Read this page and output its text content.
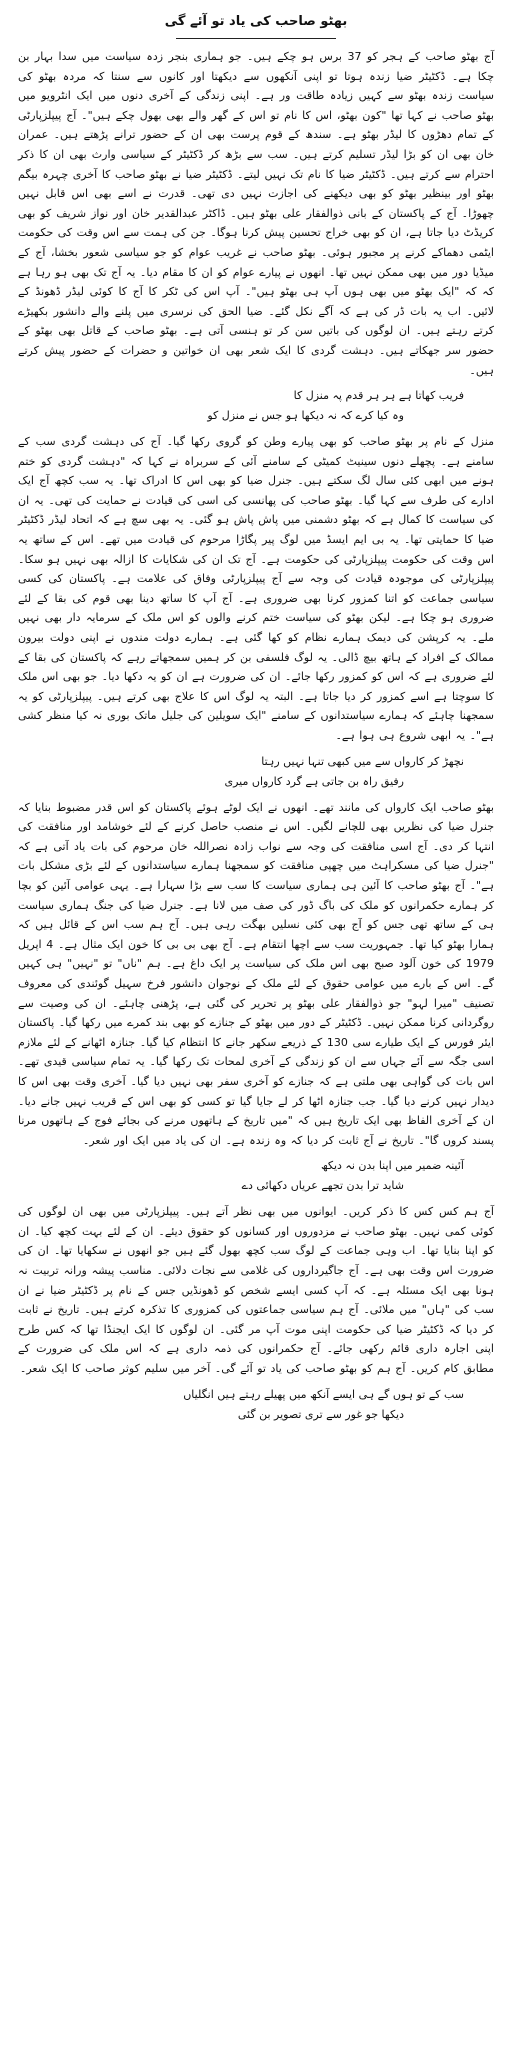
بھٹو صاحب کی یاد تو آئے گی

آج بھٹو صاحب کے ہجر کو 37 برس ہو چکے ہیں۔ جو ہماری بنجر زدہ سیاست میں سدا بہار بن چکا ہے۔ ڈکٹیٹر ضیا زندہ ہوتا تو اپنی آنکھوں سے دیکھتا اور کانوں سے سنتا کہ مردہ بھٹو کی سیاست زندہ بھٹو سے کہیں زیادہ طاقت ور ہے۔ اپنی زندگی کے آخری دنوں میں ایک انٹرویو میں بھٹو صاحب نے کہا تھا "کون بھٹو، اس کا نام تو اس کے گھر والے بھی بھول چکے ہیں"۔ آج پیپلزپارٹی کے تمام دھڑوں کا لیڈر بھٹو ہے۔ سندھ کے قوم پرست بھی ان کے حضور ترانے پڑھتے ہیں۔ عمران خان بھی ان کو بڑا لیڈر تسلیم کرتے ہیں۔ سب سے بڑھ کر ڈکٹیٹر کے سیاسی وارث بھی ان کا ذکر احترام سے کرتے ہیں۔ ڈکٹیٹر ضیا کا نام تک نہیں لیتے۔ ڈکٹیٹر ضیا نے بھٹو صاحب کا آخری چہرہ بیگم بھٹو اور بینظیر بھٹو کو بھی دیکھنے کی اجازت نہیں دی تھی۔ قدرت نے اسے بھی اس قابل نہیں چھوڑا۔ آج کے پاکستان کے بانی ذوالفقار علی بھٹو ہیں۔ ڈاکٹر عبدالقدیر خان اور نواز شریف کو بھی کریڈٹ دیا جاتا ہے، ان کو بھی خراج تحسین پیش کرنا ہوگا۔ جن کی ہمت سے اس وقت کی حکومت ایٹمی دھماکے کرنے پر مجبور ہوئی۔ بھٹو صاحب نے غریب عوام کو جو سیاسی شعور بخشا، آج کے میڈیا دور میں بھی ممکن نہیں تھا۔ انھوں نے پیارے عوام کو ان کا مقام دیا۔ یہ آج تک بھی ہو رہا ہے کہ کہ "ایک بھٹو میں بھی ہوں آپ ہی بھٹو ہیں"۔ آپ اس کی ٹکر کا آج کا کوئی لیڈر ڈھونڈ کے لائیں۔ اب یہ بات ڈر کی ہے کہ آگے نکل گئے۔ ضیا الحق کی نرسری میں پلنے والے دانشور بکھیڑے کرتے رہتے ہیں۔ ان لوگوں کی باتیں سن کر تو ہنسی آتی ہے۔ بھٹو صاحب کے قاتل بھی بھٹو کے حضور سر جھکاتے ہیں۔ دہشت گردی کا ایک شعر بھی ان خواتین و حضرات کے حضور پیش کرتے ہیں۔

فریب کھاتا ہے ہر ہر قدم پہ منزل کا
وہ کیا کرے کہ نہ دیکھا ہو جس نے منزل کو

منزل کے نام پر بھٹو صاحب کو بھی پیارے وطن کو گروی رکھا گیا۔ آج کی دہشت گردی سب کے سامنے ہے۔ پچھلے دنوں سینیٹ کمیٹی کے سامنے آئی کے سربراہ نے کہا کہ "دہشت گردی کو ختم ہونے میں ابھی کئی سال لگ سکتے ہیں۔ جنرل ضیا کو بھی اس کا ادراک تھا۔ یہ سب کچھ آج ایک ادارے کی طرف سے کہا گیا۔ بھٹو صاحب کی پھانسی کی اسی کی قیادت نے حمایت کی تھی۔ یہ ان کی سیاست کا کمال ہے کہ بھٹو دشمنی میں پاش پاش ہو گئی۔ یہ بھی سچ ہے کہ اتحاد لیڈر ڈکٹیٹر ضیا کا حمایتی تھا۔ یہ بی ایم ایسڈ میں لوگ پیر پگاڑا مرحوم کی قیادت میں تھے۔ اس کے ساتھ یہ اس وقت کی حکومت پیپلزپارٹی کی حکومت ہے۔ آج تک ان کی شکایات کا ازالہ بھی نہیں ہو سکا۔ پیپلزپارٹی کی موجودہ قیادت کی وجہ سے آج پیپلزپارٹی وفاق کی علامت ہے۔ پاکستان کی کسی سیاسی جماعت کو اتنا کمزور کرنا بھی ضروری ہے۔ آج آپ کا ساتھ دینا بھی قوم کی بقا کے لئے ضروری ہو چکا ہے۔ لیکن بھٹو کی سیاست ختم کرنے والوں کو اس ملک کے سرمایہ دار بھی نہیں ملے۔ یہ کرپشن کی دیمک ہمارے نظام کو کھا گئی ہے۔ ہمارے دولت مندوں نے اپنی دولت بیرون ممالک کے افراد کے ہاتھ بیچ ڈالی۔ یہ لوگ فلسفی بن کر ہمیں سمجھاتے رہے کہ پاکستان کی بقا کے لئے ضروری ہے کہ اس کو کمزور رکھا جائے۔ ان کی ضرورت ہے ان کو یہ دکھا دیا۔ جو بھی اس ملک کا سوچتا ہے اسے کمزور کر دیا جاتا ہے۔ البتہ یہ لوگ اس کا علاج بھی کرتے ہیں۔ پیپلزپارٹی کو یہ سمجھنا چاہئے کہ ہمارے سیاستدانوں کے سامنے "ایک سویلین کی جلیل ماتک بوری نہ کیا منظر کشی ہے"۔ یہ ابھی شروع ہی ہوا ہے۔

نچھڑ کر کارواں سے میں کبھی تنہا نہیں رہتا
رفیق راہ بن جاتی ہے گرد کارواں میری

بھٹو صاحب ایک کارواں کی مانند تھے۔ انھوں نے ایک لوٹے ہوئے پاکستان کو اس قدر مضبوط بنایا کہ جنرل ضیا کی نظریں بھی للچانے لگیں۔ اس نے منصب حاصل کرنے کے لئے خوشامد اور منافقت کی انتہا کر دی۔ آج اسی منافقت کی وجہ سے نواب زادہ نصراللہ خان مرحوم کی بات یاد آتی ہے کہ "جنرل ضیا کی مسکراہٹ میں چھپی منافقت کو سمجھنا ہمارے سیاستدانوں کے لئے بڑی مشکل بات ہے"۔ آج بھٹو صاحب کا آئین ہی ہماری سیاست کا سب سے بڑا سہارا ہے۔ یہی عوامی آئین کو بچا کر ہمارے حکمرانوں کو ملک کی باگ ڈور کی صف میں لانا ہے۔ جنرل ضیا کی جنگ ہماری سیاست ہی کے ساتھ تھی جس کو آج بھی کئی نسلیں بھگت رہی ہیں۔ آج ہم سب اس کے قائل ہیں کہ ہمارا بھٹو کیا تھا۔ جمہوریت سب سے اچھا انتقام ہے۔ آج بھی بی بی کا خون ایک مثال ہے۔ 4 اپریل 1979 کی خون آلود صبح بھی اس ملک کی سیاست پر ایک داغ ہے۔ ہم "ناں" تو "نہیں" ہی کہیں گے۔ اس کے بارے میں عوامی حقوق کے لئے ملک کے نوجوان دانشور فرخ سہیل گوئندی کی معروف تصنیف "میرا لہو" جو ذوالفقار علی بھٹو پر تحریر کی گئی ہے، پڑھنی چاہئے۔ ان کی وصیت سے روگردانی کرنا ممکن نہیں۔ ڈکٹیٹر کے دور میں بھٹو کے جنازے کو بھی بند کمرے میں رکھا گیا۔ پاکستان ایئر فورس کے ایک طیارے سی 130 کے ذریعے سکھر جانے کا انتظام کیا گیا۔ جنازہ اٹھانے کے لئے ملازم اسی جگہ سے آئے جہاں سے ان کو زندگی کے آخری لمحات تک رکھا گیا۔ یہ تمام سیاسی قیدی تھے۔ اس بات کی گواہی بھی ملتی ہے کہ جنازے کو آخری سفر بھی نہیں دیا گیا۔ آخری وقت بھی اس کا دیدار نہیں کرنے دیا گیا۔ جب جنازہ اٹھا کر لے جایا گیا تو کسی کو بھی اس کے قریب نہیں جانے دیا۔ ان کے آخری الفاظ بھی ایک تاریخ ہیں کہ "میں تاریخ کے ہاتھوں مرنے کی بجائے فوج کے ہاتھوں مرنا پسند کروں گا"۔ تاریخ نے آج ثابت کر دیا کہ وہ زندہ ہے۔ ان کی یاد میں ایک اور شعر۔

آئینہ ضمیر میں اپنا بدن نہ دیکھ
شاید ترا بدن تجھے عریاں دکھائی دے

آج ہم کس کس کا ذکر کریں۔ ایوانوں میں بھی نظر آتے ہیں۔ پیپلزپارٹی میں بھی ان لوگوں کی کوئی کمی نہیں۔ بھٹو صاحب نے مزدوروں اور کسانوں کو حقوق دیئے۔ ان کے لئے بہت کچھ کیا۔ ان کو اپنا بنایا تھا۔ اب وہی جماعت کے لوگ سب کچھ بھول گئے ہیں جو انھوں نے سکھایا تھا۔ ان کی ضرورت اس وقت بھی ہے۔ آج جاگیرداروں کی غلامی سے نجات دلائی۔ مناسب پیشہ ورانہ تربیت نہ ہونا بھی ایک مسئلہ ہے۔ کہ آپ کسی ایسے شخص کو ڈھونڈیں جس کے نام پر ڈکٹیٹر ضیا نے ان سب کی "ہاں" میں ملائی۔ آج ہم سیاسی جماعتوں کی کمزوری کا تذکرہ کرتے ہیں۔ تاریخ نے ثابت کر دیا کہ ڈکٹیٹر ضیا کی حکومت اپنی موت آپ مر گئی۔ ان لوگوں کا ایک ایجنڈا تھا کہ کس طرح اپنی اجارہ داری قائم رکھی جائے۔ آج حکمرانوں کی ذمہ داری ہے کہ اس ملک کی ضرورت کے مطابق کام کریں۔ آج ہم کو بھٹو صاحب کی یاد تو آئے گی۔ آخر میں سلیم کوثر صاحب کا ایک شعر۔

سب کے تو ہوں گے ہی ایسے آنکھ میں پھیلے رہتے ہیں انگلیاں
دیکھا جو غور سے تری تصویر بن گئی
